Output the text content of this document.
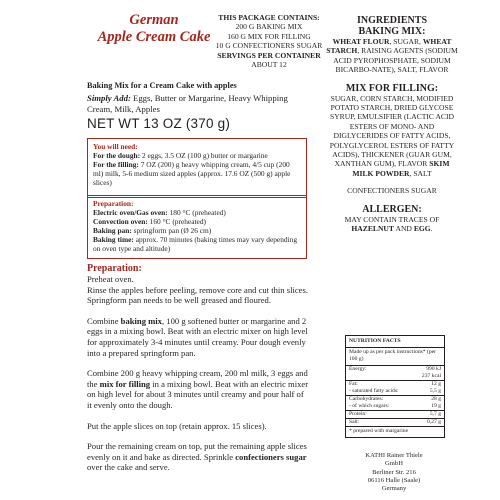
German
Apple Cream Cake
THIS PACKAGE CONTAINS:
200 G BAKING MIX
160 G MIX FOR FILLING
10 G CONFECTIONERS SUGAR
SERVINGS PER CONTAINER
ABOUT 12
Baking Mix for a Cream Cake with apples
Simply Add: Eggs, Butter or Margarine, Heavy Whipping Cream, Milk, Apples
NET WT 13 OZ (370 g)
You will need:
For the dough: 2 eggs, 3.5 OZ (100 g) butter or margarine
For the filling: 7 OZ (200) g heavy whipping cream, 4/5 cup (200 ml) milk, 5-6 medium sized apples (approx. 17.6 OZ (500 g) apple slices)
Preparation:
Electric oven/Gas oven: 180 °C (preheated)
Convection oven: 160 °C (preheated)
Baking pan: springform pan (Ø 26 cm)
Baking time: approx. 70 minutes (baking times may vary depending on oven type and altitude)
Preparation:

Preheat oven.
Rinse the apples before peeling, remove core and cut thin slices.
Springform pan needs to be well greased and floured.

Combine baking mix, 100 g softened butter or margarine and 2 eggs in a mixing bowl. Beat with an electric mixer on high level for approximately 3-4 minutes until creamy. Pour dough evenly into a prepared springform pan.

Combine 200 g heavy whipping cream, 200 ml milk, 3 eggs and the mix for filling in a mixing bowl. Beat with an electric mixer on high level for about 3 minutes until creamy and pour half of it evenly onto the dough.

Put the apple slices on top (retain approx. 15 slices).

Pour the remaining cream on top, put the remaining apple slices evenly on it and bake as directed. Sprinkle confectioners sugar over the cake and serve.

INGREDIENTS
BAKING MIX:
WHEAT FLOUR, SUGAR, WHEAT STARCH, RAISING AGENTS (SODIUM ACID PYROPHOSPHATE, SODIUM BICARBO-NATE), SALT, FLAVOR
MIX FOR FILLING:
SUGAR, CORN STARCH, MODIFIED POTATO STARCH, DRIED GLYCOSE SYRUP, EMULSIFIER (LACTIC ACID ESTERS OF MONO- AND DIGLYCERIDES OF FATTY ACIDS, POLYGLYCEROL ESTERS OF FATTY ACIDS), THICKENER (GUAR GUM, XANTHAN GUM), FLAVOR SKIM MILK POWDER, SALT
CONFECTIONERS SUGAR
ALLERGEN:
MAY CONTAIN TRACES OF HAZELNUT AND EGG.
NUTRITION FACTS
Made up as per pack instructions* (per 100 g)
Energy:	990 kJ
237 kcal
Fat:	12 g
- saturated fatty acids:	5,5 g
Carbohydrates:	28 g
- of which sugars:	19 g
Protein:	5,7 g
Salt:	0,27 g
* prepared with margarine
KATHI Rainer Thiele
GmbH
Berliner Str. 216
06116 Halle (Saale)
Germany
